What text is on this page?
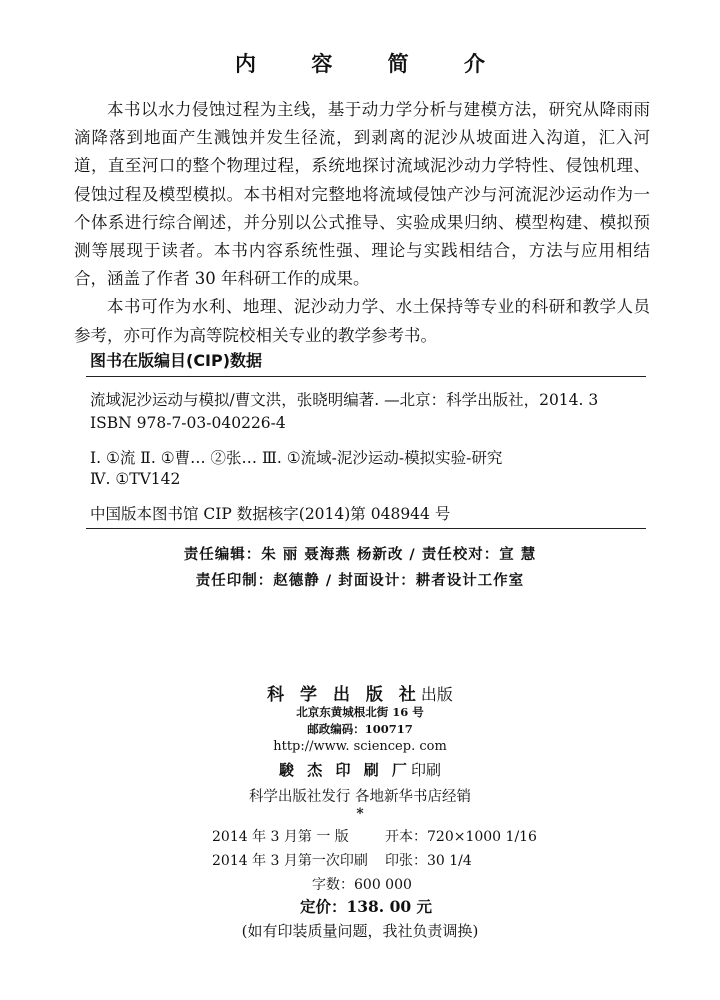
内 容 简 介

本书以水力侵蚀过程为主线，基于动力学分析与建模方法，研究从降雨雨滴降落到地面产生溅蚀并发生径流，到剥离的泥沙从坡面进入沟道，汇入河道，直至河口的整个物理过程，系统地探讨流域泥沙动力学特性、侵蚀机理、侵蚀过程及模型模拟。本书相对完整地将流域侵蚀产沙与河流泥沙运动作为一个体系进行综合阐述，并分别以公式推导、实验成果归纳、模型构建、模拟预测等展现于读者。本书内容系统性强、理论与实践相结合，方法与应用相结合，涵盖了作者 30 年科研工作的成果。

本书可作为水利、地理、泥沙动力学、水土保持等专业的科研和教学人员参考，亦可作为高等院校相关专业的教学参考书。

图书在版编目(CIP)数据
流域泥沙运动与模拟/曹文洪，张晓明编著. —北京：科学出版社，2014. 3
ISBN 978-7-03-040226-4
Ⅰ. ①流 Ⅱ. ①曹… ②张… Ⅲ. ①流域-泥沙运动-模拟实验-研究
Ⅳ. ①TV142
中国版本图书馆 CIP 数据核字(2014)第 048944 号
责任编辑：朱 丽 聂海燕 杨新改 / 责任校对：宣 慧
责任印制：赵德静 / 封面设计：耕者设计工作室
科 学 出 版 社出版
北京东黄城根北街 16 号
邮政编码：100717
http://www. sciencep. com
駿 杰 印 刷 厂印刷
科学出版社发行 各地新华书店经销
*
2014 年 3 月第 一 版	开本：720×1000 1/16
2014 年 3 月第一次印刷 印张：30 1/4
字数：600 000
定价：138. 00 元
(如有印装质量问题，我社负责调换)
